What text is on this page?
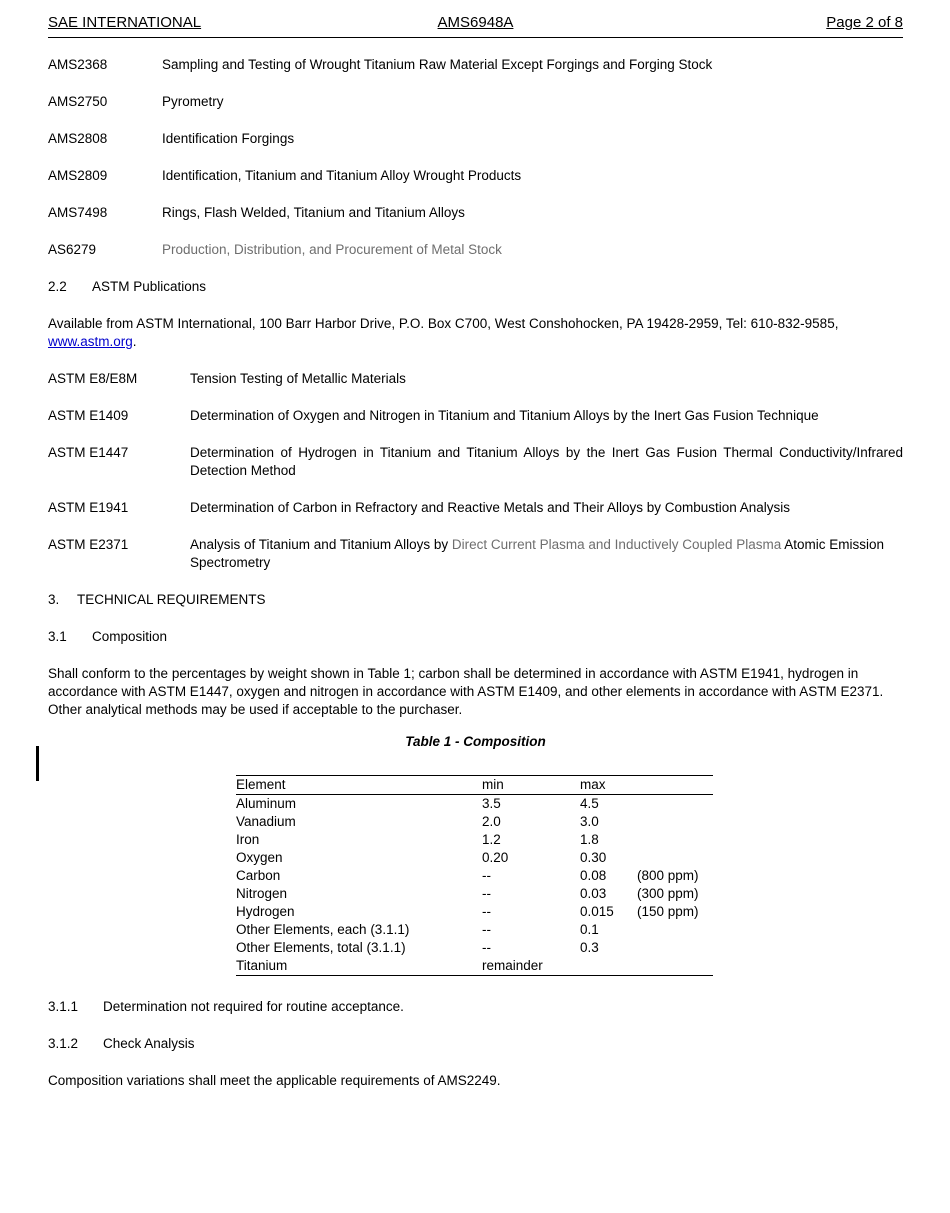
SAE INTERNATIONAL	AMS6948A	Page 2 of 8
AMS2368	Sampling and Testing of Wrought Titanium Raw Material Except Forgings and Forging Stock
AMS2750	Pyrometry
AMS2808	Identification Forgings
AMS2809	Identification, Titanium and Titanium Alloy Wrought Products
AMS7498	Rings, Flash Welded, Titanium and Titanium Alloys
AS6279	Production, Distribution, and Procurement of Metal Stock
2.2	ASTM Publications

Available from ASTM International, 100 Barr Harbor Drive, P.O. Box C700, West Conshohocken, PA 19428-2959, Tel: 610-832-9585, www.astm.org.

ASTM E8/E8M	Tension Testing of Metallic Materials
ASTM E1409	Determination of Oxygen and Nitrogen in Titanium and Titanium Alloys by the Inert Gas Fusion Technique
ASTM E1447	Determination of Hydrogen in Titanium and Titanium Alloys by the Inert Gas Fusion Thermal Conductivity/Infrared Detection Method
ASTM E1941	Determination of Carbon in Refractory and Reactive Metals and Their Alloys by Combustion Analysis
ASTM E2371	Analysis of Titanium and Titanium Alloys by Direct Current Plasma and Inductively Coupled Plasma Atomic Emission Spectrometry
3.	TECHNICAL REQUIREMENTS
3.1	Composition

Shall conform to the percentages by weight shown in Table 1; carbon shall be determined in accordance with ASTM E1941, hydrogen in accordance with ASTM E1447, oxygen and nitrogen in accordance with ASTM E1409, and other elements in accordance with ASTM E2371. Other analytical methods may be used if acceptable to the purchaser.

Table 1 - Composition
Element	min	max	
Aluminum	3.5	4.5	
Vanadium	2.0	3.0	
Iron	1.2	1.8	
Oxygen	0.20	0.30	
Carbon	--	0.08	(800 ppm)
Nitrogen	--	0.03	(300 ppm)
Hydrogen	--	0.015	(150 ppm)
Other Elements, each (3.1.1)	--	0.1	
Other Elements, total (3.1.1)	--	0.3	
Titanium	remainder		
3.1.1	Determination not required for routine acceptance.
3.1.2	Check Analysis

Composition variations shall meet the applicable requirements of AMS2249.
